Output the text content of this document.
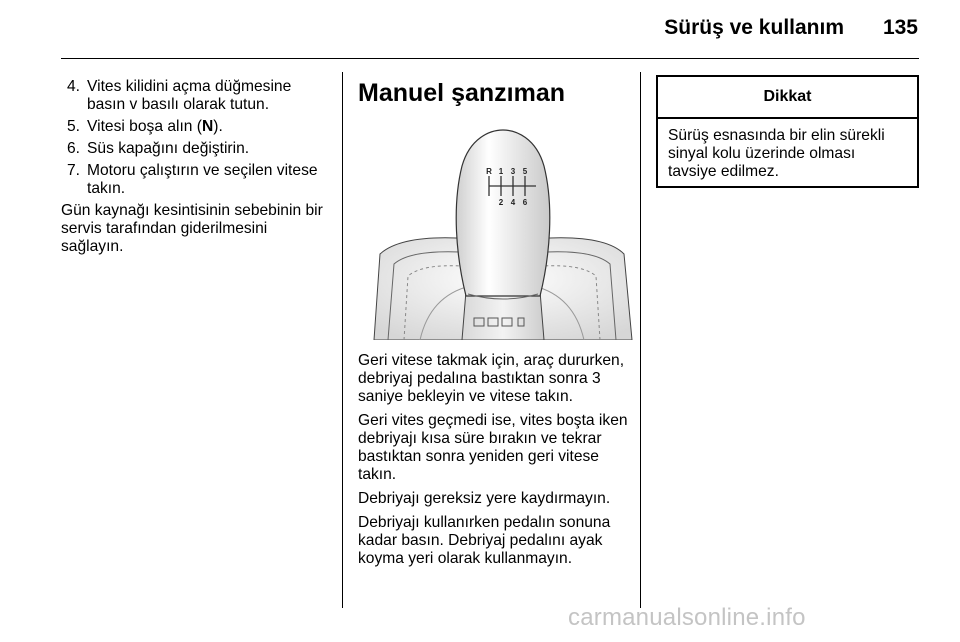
Sürüş ve kullanım 135
4. Vites kilidini açma düğmesine basın v basılı olarak tutun.
5. Vitesi boşa alın (N).
6. Süs kapağını değiştirin.
7. Motoru çalıştırın ve seçilen vitese takın.

Gün kaynağı kesintisinin sebebinin bir servis tarafından giderilmesini sağlayın.

Manuel şanzıman
R 1 3 5
2 4 6

Geri vitese takmak için, araç dururken, debriyaj pedalına bastıktan sonra 3 saniye bekleyin ve vitese takın.

Geri vites geçmedi ise, vites boşta iken debriyajı kısa süre bırakın ve tekrar bastıktan sonra yeniden geri vitese takın.

Debriyajı gereksiz yere kaydırmayın.

Debriyajı kullanırken pedalın sonuna kadar basın. Debriyaj pedalını ayak koyma yeri olarak kullanmayın.

Dikkat
Sürüş esnasında bir elin sürekli sinyal kolu üzerinde olması tavsiye edilmez.
carmanualsonline.info
